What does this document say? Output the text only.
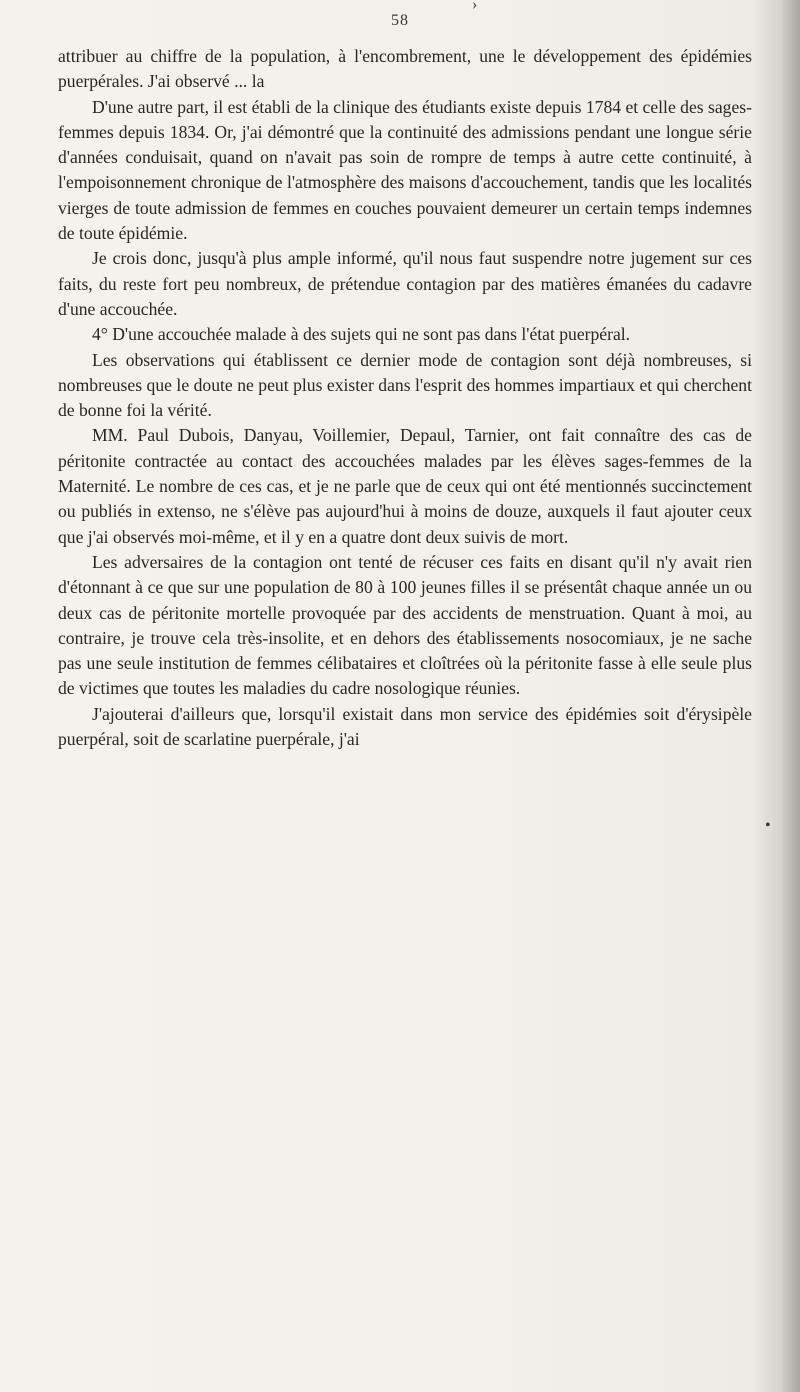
›
•
58

attribuer au chiffre de la population, à l'encombrement, une le développement des épidémies puerpérales. J'ai observé ... la

D'une autre part, il est établi de la clinique des étudiants existe depuis 1784 et celle des sages-femmes depuis 1834. Or, j'ai démontré que la continuité des admissions pendant une longue série d'années conduisait, quand on n'avait pas soin de rompre de temps à autre cette continuité, à l'empoisonnement chronique de l'atmosphère des maisons d'accouchement, tandis que les localités vierges de toute admission de femmes en couches pouvaient demeurer un certain temps indemnes de toute épidémie.

Je crois donc, jusqu'à plus ample informé, qu'il nous faut suspendre notre jugement sur ces faits, du reste fort peu nombreux, de prétendue contagion par des matières émanées du cadavre d'une accouchée.

4° D'une accouchée malade à des sujets qui ne sont pas dans l'état puerpéral.

Les observations qui établissent ce dernier mode de contagion sont déjà nombreuses, si nombreuses que le doute ne peut plus exister dans l'esprit des hommes impartiaux et qui cherchent de bonne foi la vérité.

MM. Paul Dubois, Danyau, Voillemier, Depaul, Tarnier, ont fait connaître des cas de péritonite contractée au contact des accouchées malades par les élèves sages-femmes de la Maternité. Le nombre de ces cas, et je ne parle que de ceux qui ont été mentionnés succinctement ou publiés in extenso, ne s'élève pas aujourd'hui à moins de douze, auxquels il faut ajouter ceux que j'ai observés moi-même, et il y en a quatre dont deux suivis de mort.

Les adversaires de la contagion ont tenté de récuser ces faits en disant qu'il n'y avait rien d'étonnant à ce que sur une population de 80 à 100 jeunes filles il se présentât chaque année un ou deux cas de péritonite mortelle provoquée par des accidents de menstruation. Quant à moi, au contraire, je trouve cela très-insolite, et en dehors des établissements nosocomiaux, je ne sache pas une seule institution de femmes célibataires et cloîtrées où la péritonite fasse à elle seule plus de victimes que toutes les maladies du cadre nosologique réunies.

J'ajouterai d'ailleurs que, lorsqu'il existait dans mon service des épidémies soit d'érysipèle puerpéral, soit de scarlatine puerpérale, j'ai
